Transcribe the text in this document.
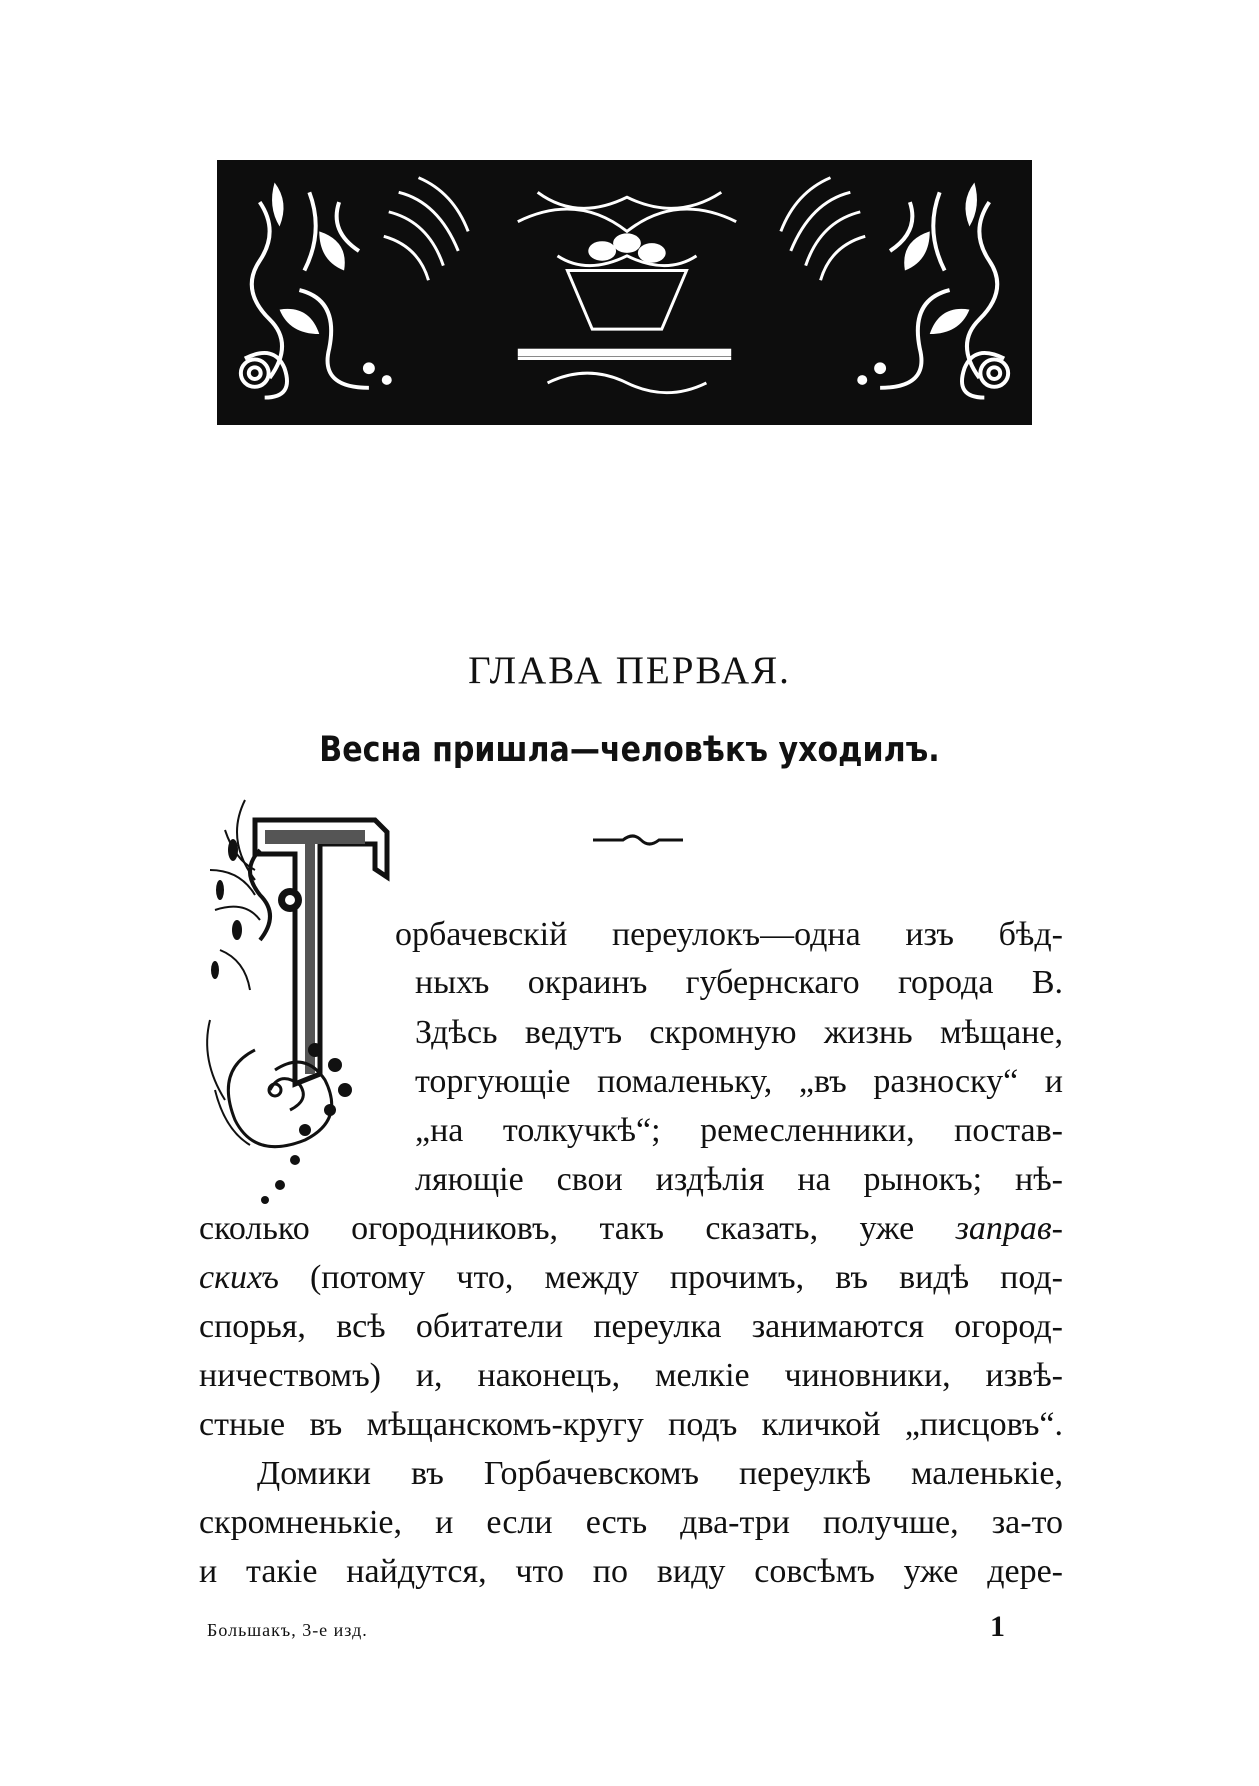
ГЛАВА ПЕРВАЯ.
Весна пришла—человѣкъ уходилъ.
орбачевскій переулокъ—одна изъ бѣд-
ныхъ окраинъ губернскаго города В.
Здѣсь ведутъ скромную жизнь мѣщане,
торгующіе помаленьку, „въ разноску“ и
„на толкучкѣ“; ремесленники, постав-
ляющіе свои издѣлія на рынокъ; нѣ-
сколько огородниковъ, такъ сказать, уже заправ-
скихъ (потому что, между прочимъ, въ видѣ под-
спорья, всѣ обитатели переулка занимаются огород-
ничествомъ) и, наконецъ, мелкіе чиновники, извѣ-
стные въ мѣщанскомъ-кругу подъ кличкой „писцовъ“.
Домики въ Горбачевскомъ переулкѣ маленькіе,
скромненькіе, и если есть два-три получше, за-то
и такіе найдутся, что по виду совсѣмъ уже дере-
Большакъ, 3-е изд.	1
